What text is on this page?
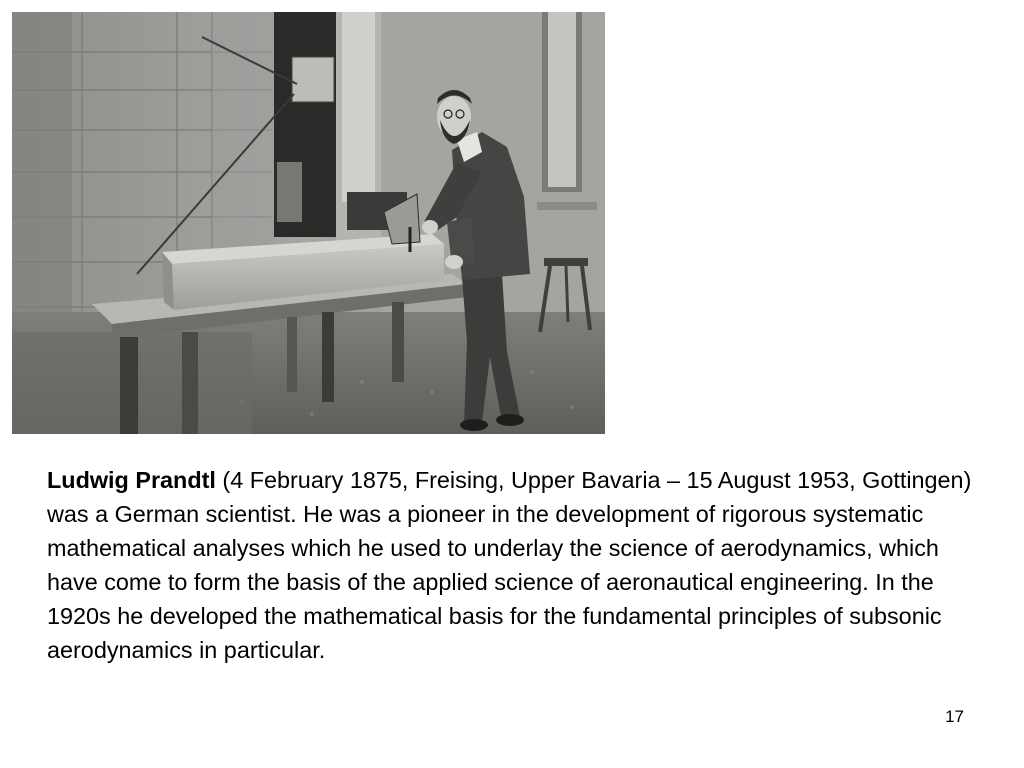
Ludwig Prandtl (4 February 1875, Freising, Upper Bavaria – 15 August 1953, Gottingen) was a German scientist. He was a pioneer in the development of rigorous systematic mathematical analyses which he used to underlay the science of aerodynamics, which have come to form the basis of the applied science of aeronautical engineering. In the 1920s he developed the mathematical basis for the fundamental principles of subsonic aerodynamics in particular.

17
